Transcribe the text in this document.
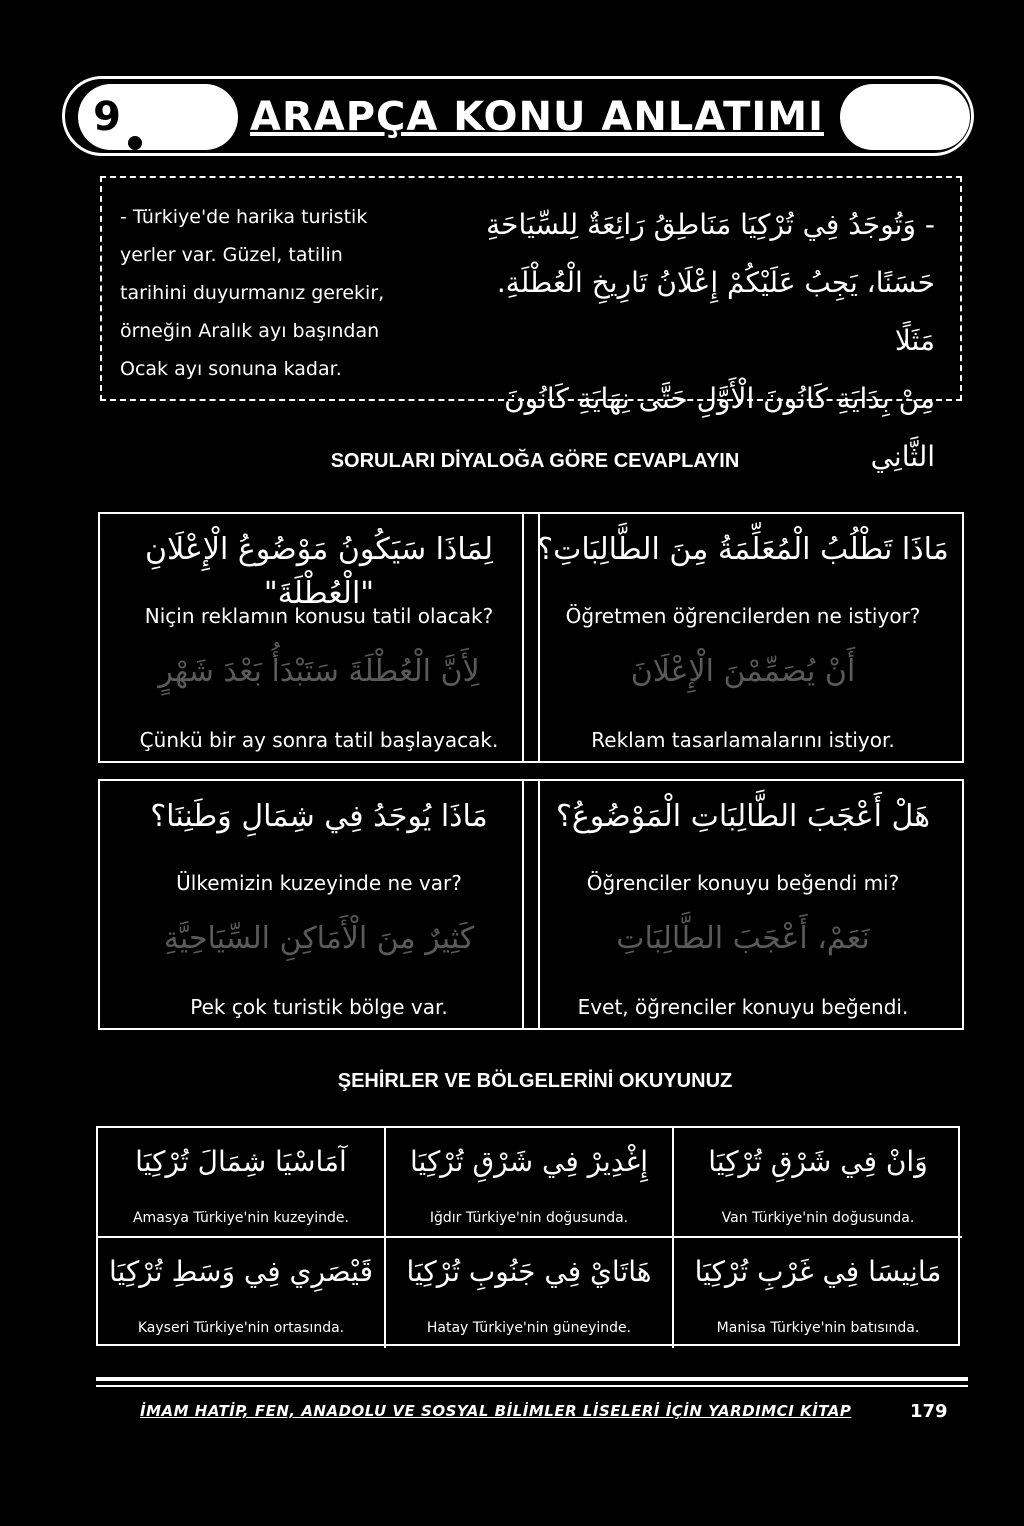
9	ARAPÇA KONU ANLATIMI
- Türkiye'de harika turistik
yerler var. Güzel, tatilin
tarihini duyurmanız gerekir,
örneğin Aralık ayı başından
Ocak ayı sonuna kadar.
- وَتُوجَدُ فِي تُرْكِيَا مَنَاطِقُ رَائِعَةٌ لِلسِّيَاحَةِ
حَسَنًا، يَجِبُ عَلَيْكُمْ إِعْلَانُ تَارِيخِ الْعُطْلَةِ. مَثَلًا
مِنْ بِدَايَةِ كَانُونَ الْأَوَّلِ حَتَّى نِهَايَةِ كَانُونَ الثَّانِي
SORULARI DİYALOĞA GÖRE CEVAPLAYIN
لِمَاذَا سَيَكُونُ مَوْضُوعُ الْإِعْلَانِ "الْعُطْلَةَ"
Niçin reklamın konusu tatil olacak?
لِأَنَّ الْعُطْلَةَ سَتَبْدَأُ بَعْدَ شَهْرٍ
Çünkü bir ay sonra tatil başlayacak.
مَاذَا تَطْلُبُ الْمُعَلِّمَةُ مِنَ الطَّالِبَاتِ؟
Öğretmen öğrencilerden ne istiyor?
أَنْ يُصَمِّمْنَ الْإِعْلَانَ
Reklam tasarlamalarını istiyor.
مَاذَا يُوجَدُ فِي شِمَالِ وَطَنِنَا؟
Ülkemizin kuzeyinde ne var?
كَثِيرٌ مِنَ الْأَمَاكِنِ السِّيَاحِيَّةِ
Pek çok turistik bölge var.
هَلْ أَعْجَبَ الطَّالِبَاتِ الْمَوْضُوعُ؟
Öğrenciler konuyu beğendi mi?
نَعَمْ، أَعْجَبَ الطَّالِبَاتِ
Evet, öğrenciler konuyu beğendi.
ŞEHİRLER VE BÖLGELERİNİ OKUYUNUZ
آمَاسْيَا شِمَالَ تُرْكِيَا
Amasya Türkiye'nin kuzeyinde.
إِغْدِيرْ فِي شَرْقِ تُرْكِيَا
Iğdır Türkiye'nin doğusunda.
وَانْ فِي شَرْقِ تُرْكِيَا
Van Türkiye'nin doğusunda.
قَيْصَرِي فِي وَسَطِ تُرْكِيَا
Kayseri Türkiye'nin ortasında.
هَاتَايْ فِي جَنُوبِ تُرْكِيَا
Hatay Türkiye'nin güneyinde.
مَانِيسَا فِي غَرْبِ تُرْكِيَا
Manisa Türkiye'nin batısında.
İMAM HATİP, FEN, ANADOLU VE SOSYAL BİLİMLER LİSELERİ İÇİN YARDIMCI KİTAP	179
